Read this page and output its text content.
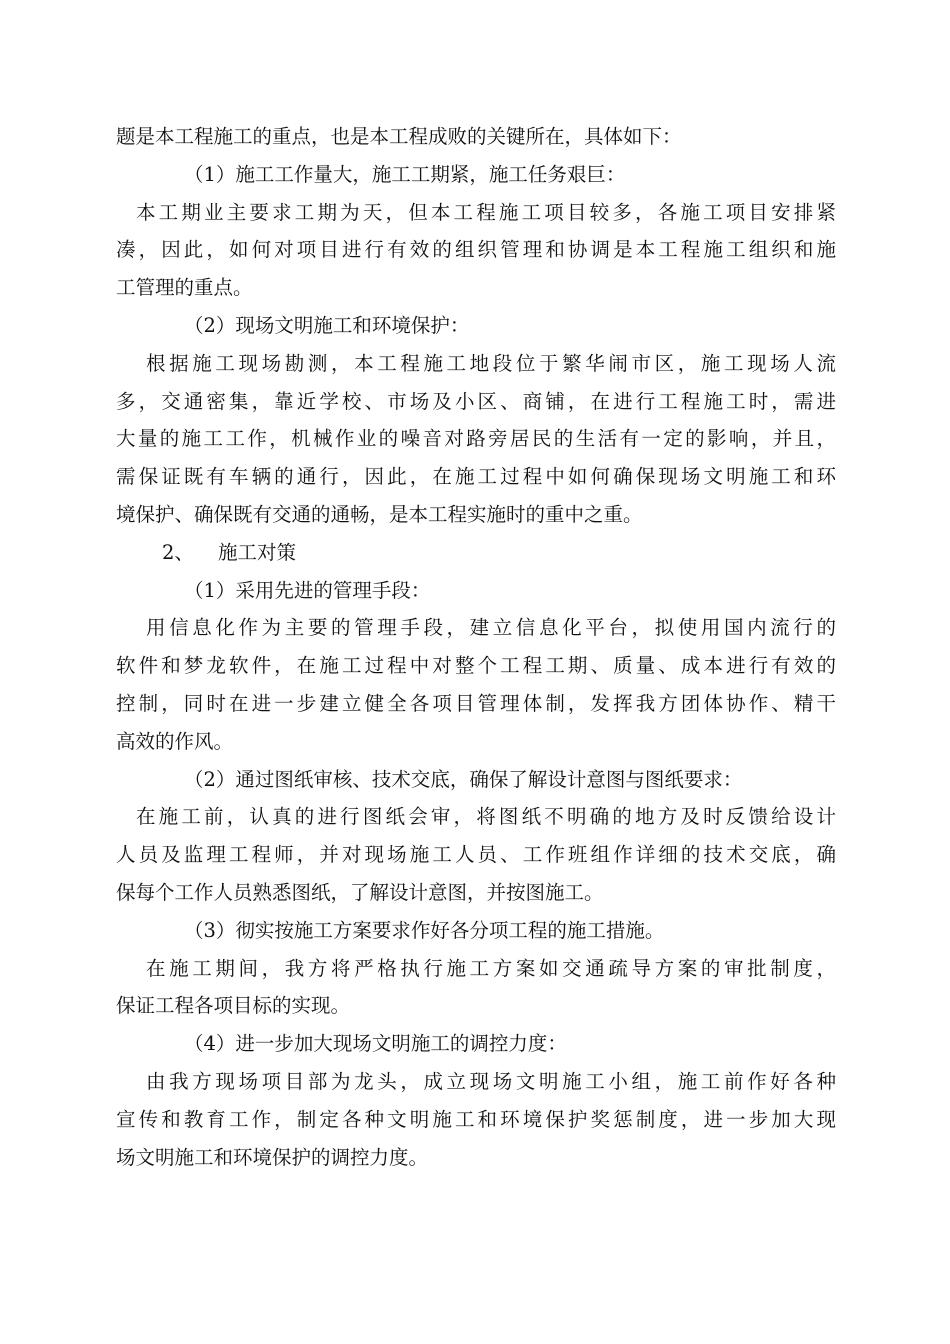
题是本工程施工的重点，也是本工程成败的关键所在，具体如下：
（1）施工工作量大，施工工期紧，施工任务艰巨：
本工期业主要求工期为天，但本工程施工项目较多，各施工项目安排紧
凑，因此，如何对项目进行有效的组织管理和协调是本工程施工组织和施
工管理的重点。
（2）现场文明施工和环境保护：
根据施工现场勘测，本工程施工地段位于繁华闹市区，施工现场人流
多，交通密集，靠近学校、市场及小区、商铺，在进行工程施工时，需进
大量的施工工作，机械作业的噪音对路旁居民的生活有一定的影响，并且，
需保证既有车辆的通行，因此，在施工过程中如何确保现场文明施工和环
境保护、确保既有交通的通畅，是本工程实施时的重中之重。
2、 施工对策
（1）采用先进的管理手段：
用信息化作为主要的管理手段，建立信息化平台，拟使用国内流行的
软件和梦龙软件，在施工过程中对整个工程工期、质量、成本进行有效的
控制，同时在进一步建立健全各项目管理体制，发挥我方团体协作、精干
高效的作风。
（2）通过图纸审核、技术交底，确保了解设计意图与图纸要求：
在施工前，认真的进行图纸会审，将图纸不明确的地方及时反馈给设计
人员及监理工程师，并对现场施工人员、工作班组作详细的技术交底，确
保每个工作人员熟悉图纸，了解设计意图，并按图施工。
（3）彻实按施工方案要求作好各分项工程的施工措施。
在施工期间，我方将严格执行施工方案如交通疏导方案的审批制度，
保证工程各项目标的实现。
（4）进一步加大现场文明施工的调控力度：
由我方现场项目部为龙头，成立现场文明施工小组，施工前作好各种
宣传和教育工作，制定各种文明施工和环境保护奖惩制度，进一步加大现
场文明施工和环境保护的调控力度。
